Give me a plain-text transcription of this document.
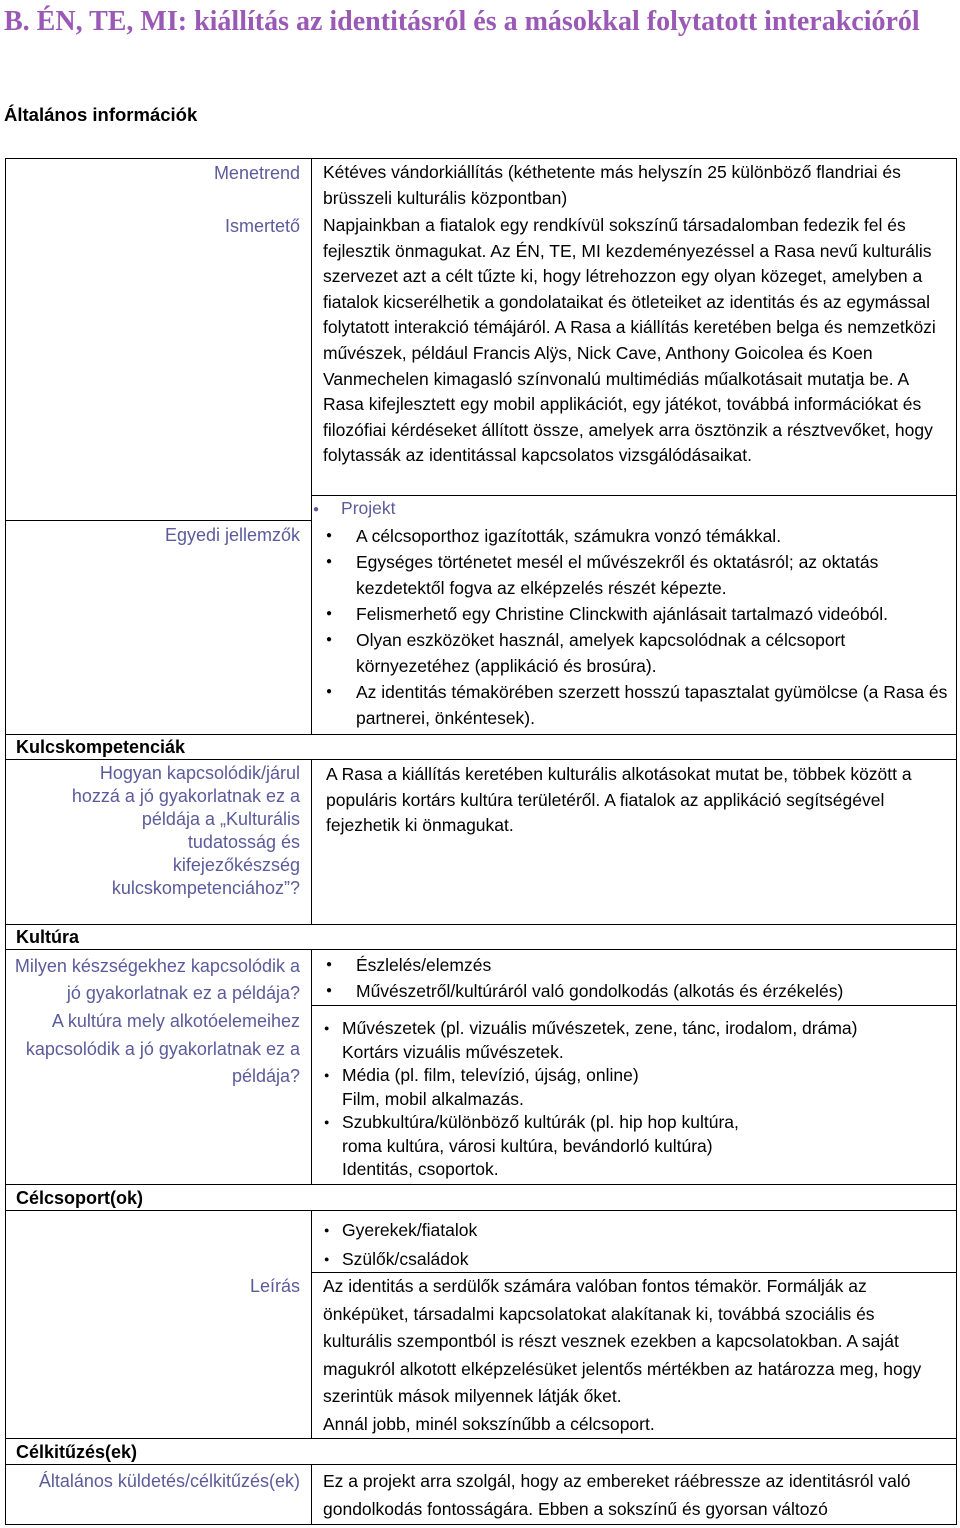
B. ÉN, TE, MI: kiállítás az identitásról és a másokkal folytatott interakcióról
Általános információk
Menetrend Kétéves vándorkiállítás (kéthetente más helyszín 25 különböző flandriai és brüsszeli kulturális központban)
Ismertető Napjainkban a fiatalok egy rendkívül sokszínű társadalomban fedezik fel és fejlesztik önmagukat. Az ÉN, TE, MI kezdeményezéssel a Rasa nevű kulturális szervezet azt a célt tűzte ki, hogy létrehozzon egy olyan közeget, amelyben a fiatalok kicserélhetik a gondolataikat és ötleteiket az identitás és az egymással folytatott interakció témájáról. A Rasa a kiállítás keretében belga és nemzetközi művészek, például Francis Alÿs, Nick Cave, Anthony Goicolea és Koen Vanmechelen kimagasló színvonalú multimédiás műalkotásait mutatja be. A Rasa kifejlesztett egy mobil applikációt, egy játékot, továbbá információkat és filozófiai kérdéseket állított össze, amelyek arra ösztönzik a résztvevőket, hogy folytassák az identitással kapcsolatos vizsgálódásaikat.
● Projekt
Egyedi jellemzők
●	A célcsoporthoz igazították, számukra vonzó témákkal.
● Egységes történetet mesél el művészekről és oktatásról; az oktatás kezdetektől fogva az elképzelés részét képezte.
● Felismerhető egy Christine Clinckwith ajánlásait tartalmazó videóból.
● Olyan eszközöket használ, amelyek kapcsolódnak a célcsoport környezetéhez (applikáció és brosúra).
● Az identitás témakörében szerzett hosszú tapasztalat gyümölcse (a Rasa és partnerei, önkéntesek).
Kulcskompetenciák
Hogyan kapcsolódik/járul hozzá a jó gyakorlatnak ez a példája a „Kulturális tudatosság és kifejezőkészség kulcskompetenciához”?
A Rasa a kiállítás keretében kulturális alkotásokat mutat be, többek között a populáris kortárs kultúra területéről. A fiatalok az applikáció segítségével fejezhetik ki önmagukat.
Kultúra
Milyen készségekhez kapcsolódik a jó gyakorlatnak ez a példája?
● Észlelés/elemzés
● Művészetről/kultúráról való gondolkodás (alkotás és érzékelés)
A kultúra mely alkotóelemeihez kapcsolódik a jó gyakorlatnak ez a példája?
● Művészetek (pl. vizuális művészetek, zene, tánc, irodalom, dráma)
Kortárs vizuális művészetek.
● Média (pl. film, televízió, újság, online)
Film, mobil alkalmazás.
● Szubkultúra/különböző kultúrák (pl. hip hop kultúra,
roma kultúra, városi kultúra, bevándorló kultúra)
Identitás, csoportok.
Célcsoport(ok)
● Gyerekek/fiatalok
● Szülők/családok
Leírás Az identitás a serdülők számára valóban fontos témakör. Formálják az önképüket, társadalmi kapcsolatokat alakítanak ki, továbbá szociális és kulturális szempontból is részt vesznek ezekben a kapcsolatokban. A saját magukról alkotott elképzelésüket jelentős mértékben az határozza meg, hogy szerintük mások milyennek látják őket.
Annál jobb, minél sokszínűbb a célcsoport.
Célkitűzés(ek)
Általános küldetés/célkitűzés(ek) Ez a projekt arra szolgál, hogy az embereket ráébressze az identitásról való gondolkodás fontosságára. Ebben a sokszínű és gyorsan változó
